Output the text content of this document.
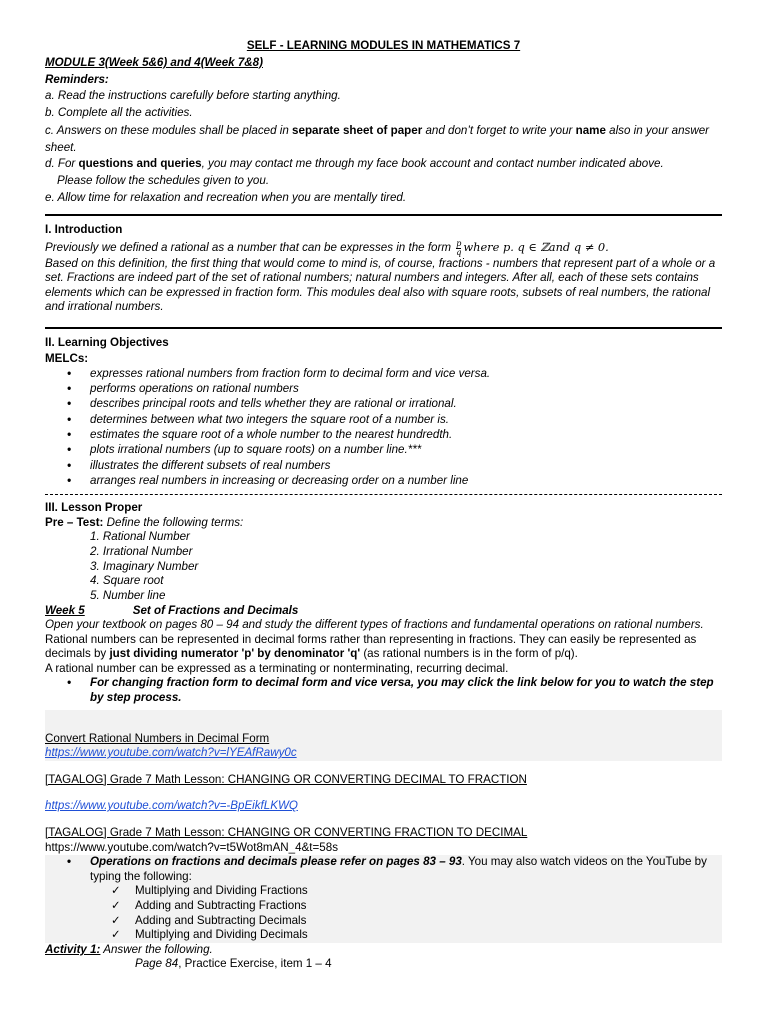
SELF - LEARNING MODULES IN MATHEMATICS 7

MODULE 3(Week 5&6) and 4(Week 7&8)

Reminders:

a. Read the instructions carefully before starting anything.

b. Complete all the activities.

c. Answers on these modules shall be placed in separate sheet of paper and don’t forget to write your name also in your answer sheet.

d. For questions and queries, you may contact me through my face book account and contact number indicated above.

Please follow the schedules given to you.

e. Allow time for relaxation and recreation when you are mentally tired.

I. Introduction

Previously we defined a rational as a number that can be expresses in the form $\frac{p}{q}$ where p. q ∈ ℤand q ≠ 0.

Based on this definition, the first thing that would come to mind is, of course, fractions - numbers that represent part of a whole or a set. Fractions are indeed part of the set of rational numbers; natural numbers and integers. After all, each of these sets contains elements which can be expressed in fraction form. This modules deal also with square roots, subsets of real numbers, the rational and irrational numbers.

II. Learning Objectives

MELCs:

• expresses rational numbers from fraction form to decimal form and vice versa.
• performs operations on rational numbers
• describes principal roots and tells whether they are rational or irrational.
• determines between what two integers the square root of a number is.
• estimates the square root of a whole number to the nearest hundredth.
• plots irrational numbers (up to square roots) on a number line.***
• illustrates the different subsets of real numbers
• arranges real numbers in increasing or decreasing order on a number line

III. Lesson Proper

Pre – Test: Define the following terms:

1. Rational Number
2. Irrational Number
3. Imaginary Number
4. Square root
5. Number line

Week 5	Set of Fractions and Decimals

Open your textbook on pages 80 – 94 and study the different types of fractions and fundamental operations on rational numbers.

Rational numbers can be represented in decimal forms rather than representing in fractions. They can easily be represented as decimals by just dividing numerator 'p' by denominator 'q' (as rational numbers is in the form of p/q).

A rational number can be expressed as a terminating or nonterminating, recurring decimal.

• For changing fraction form to decimal form and vice versa, you may click the link below for you to watch the step by step process.

Convert Rational Numbers in Decimal Form

https://www.youtube.com/watch?v=lYEAfRawy0c

[TAGALOG] Grade 7 Math Lesson: CHANGING OR CONVERTING DECIMAL TO FRACTION

https://www.youtube.com/watch?v=-BpEikfLKWQ

[TAGALOG] Grade 7 Math Lesson: CHANGING OR CONVERTING FRACTION TO DECIMAL

https://www.youtube.com/watch?v=t5Wot8mAN_4&t=58s

• Operations on fractions and decimals please refer on pages 83 – 93. You may also watch videos on the YouTube by typing the following:
✓ Multiplying and Dividing Fractions
✓ Adding and Subtracting Fractions
✓ Adding and Subtracting Decimals
✓ Multiplying and Dividing Decimals

Activity 1: Answer the following.

Page 84, Practice Exercise, item 1 – 4
